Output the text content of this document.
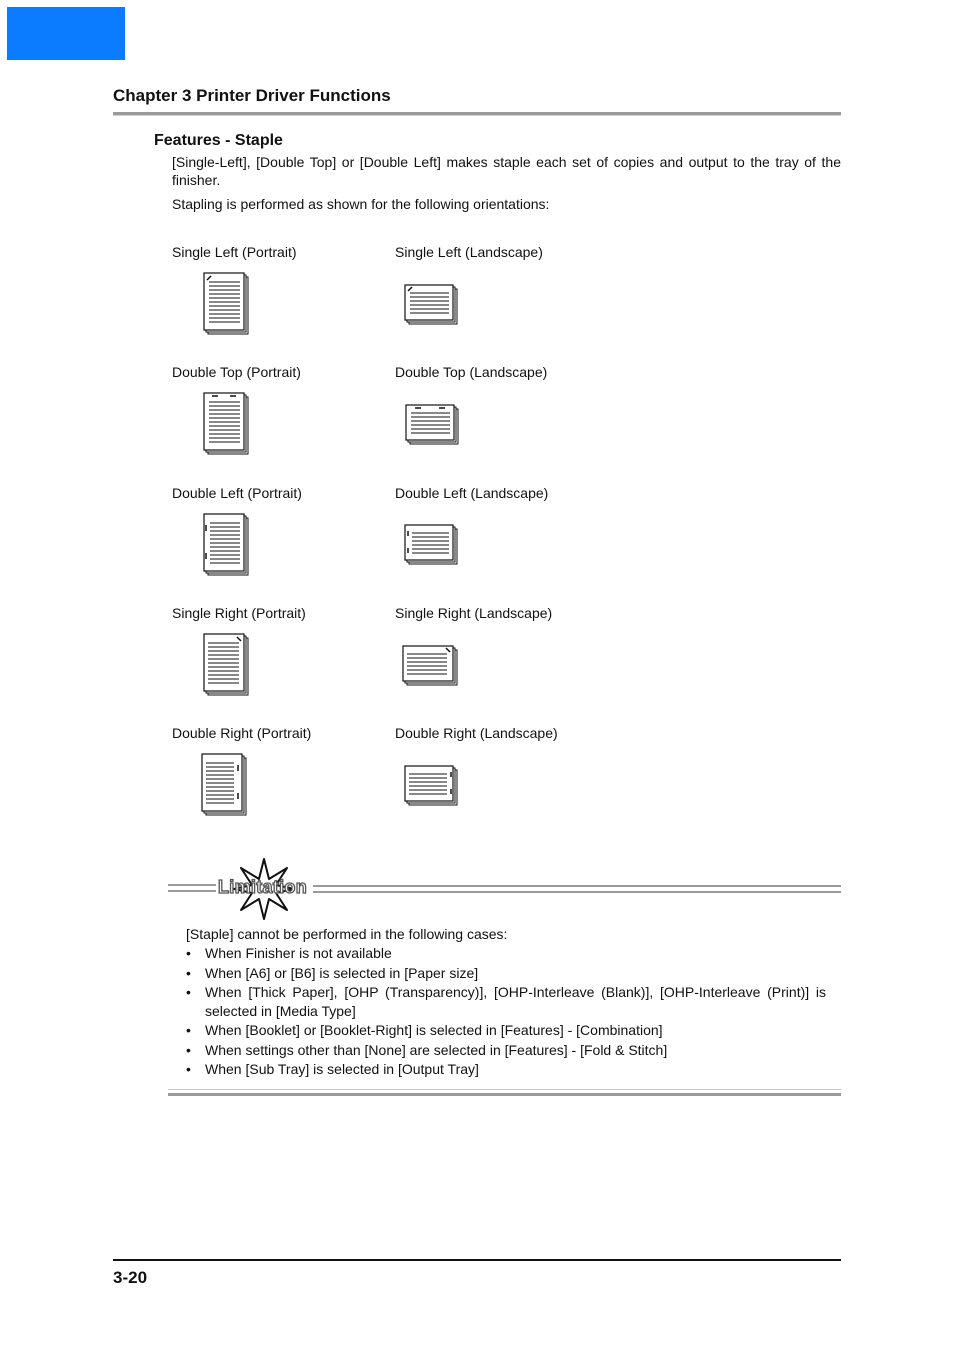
Chapter 3 Printer Driver Functions
Features - Staple
[Single-Left], [Double Top] or [Double Left] makes staple each set of copies and output to the tray of the finisher.
Stapling is performed as shown for the following orientations:
Single Left (Portrait)	Single Left (Landscape)
Double Top (Portrait)	Double Top (Landscape)
Double Left (Portrait)	Double Left (Landscape)
Single Right (Portrait)	Single Right (Landscape)
Double Right (Portrait)	Double Right (Landscape)
Limitation

[Staple] cannot be performed in the following cases:

• When Finisher is not available
• When [A6] or [B6] is selected in [Paper size]
• When [Thick Paper], [OHP (Transparency)], [OHP-Interleave (Blank)], [OHP-Interleave (Print)] is selected in [Media Type]
• When [Booklet] or [Booklet-Right] is selected in [Features] - [Combination]
• When settings other than [None] are selected in [Features] - [Fold & Stitch]
• When [Sub Tray] is selected in [Output Tray]
3-20
